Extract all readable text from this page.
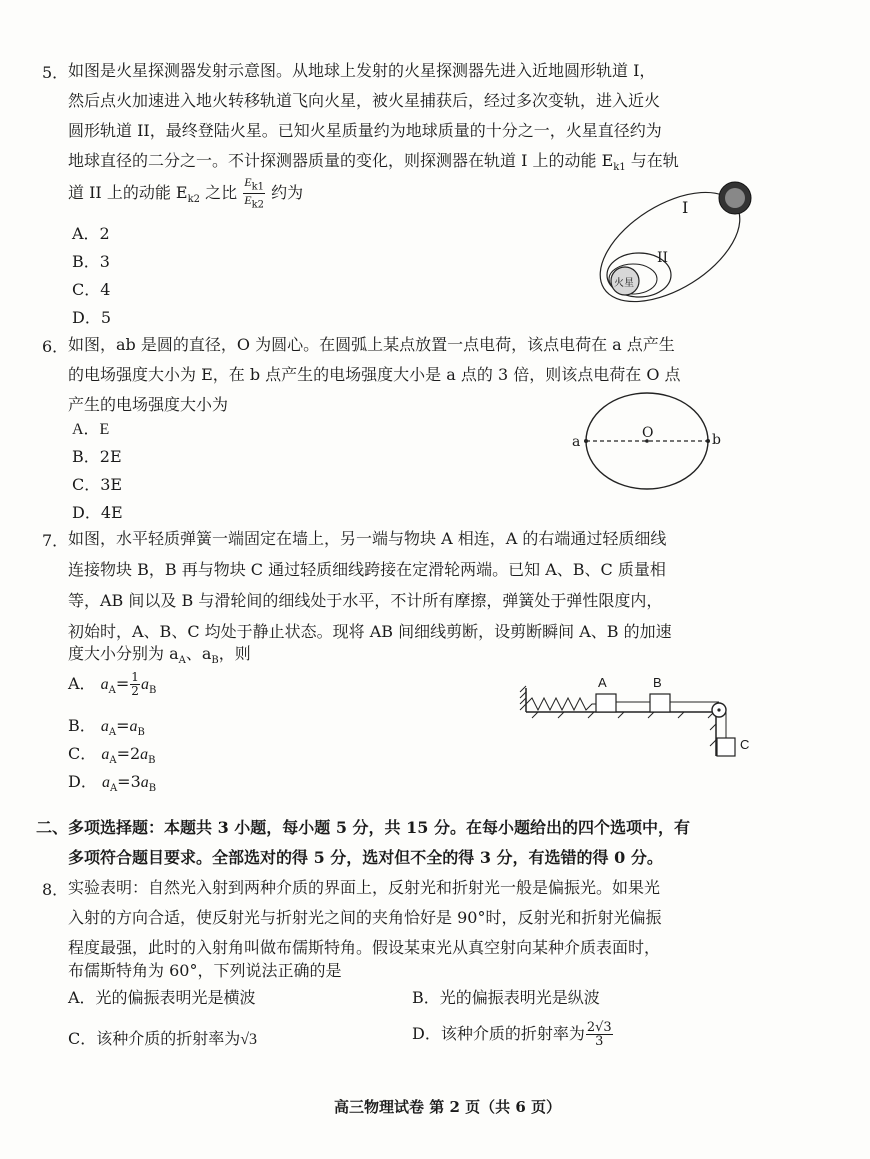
5． 如图是火星探测器发射示意图。从地球上发射的火星探测器先进入近地圆形轨道 I，
然后点火加速进入地火转移轨道飞向火星，被火星捕获后，经过多次变轨，进入近火
圆形轨道 II，最终登陆火星。已知火星质量约为地球质量的十分之一，火星直径约为
地球直径的二分之一。不计探测器质量的变化，则探测器在轨道 I 上的动能 $E_{k1}$ 与在轨
道 II 上的动能 $E_{k2}$ 之比 $\frac{E_{k1}}{E_{k2}}$ 约为
A．2
B．3
C．4
D．5
I
II
火星
6． 如图，ab 是圆的直径，O 为圆心。在圆弧上某点放置一点电荷，该点电荷在 a 点产生
的电场强度大小为 E，在 b 点产生的电场强度大小是 a 点的 3 倍，则该点电荷在 O 点
产生的电场强度大小为
A．E
B．2E
C．3E
D．4E
a	b
O
7． 如图，水平轻质弹簧一端固定在墙上，另一端与物块 A 相连，A 的右端通过轻质细线
连接物块 B，B 再与物块 C 通过轻质细线跨接在定滑轮两端。已知 A、B、C 质量相
等，AB 间以及 B 与滑轮间的细线处于水平，不计所有摩擦，弹簧处于弹性限度内，
初始时，A、B、C 均处于静止状态。现将 AB 间细线剪断，设剪断瞬间 A、B 的加速
度大小分别为 $a_A$、$a_B$，则
A． $a_A= \frac{1}{2} a_B$
B． $a_A=a_B$
C． $a_A=2a_B$
D． $a_A=3a_B$
A	B
C
二、多项选择题：本题共 3 小题，每小题 5 分，共 15 分。在每小题给出的四个选项中，有
多项符合题目要求。全部选对的得 5 分，选对但不全的得 3 分，有选错的得 0 分。
8． 实验表明：自然光入射到两种介质的界面上，反射光和折射光一般是偏振光。如果光
入射的方向合适，使反射光与折射光之间的夹角恰好是 90°时，反射光和折射光偏振
程度最强，此时的入射角叫做布儒斯特角。假设某束光从真空射向某种介质表面时，
布儒斯特角为 60°，下列说法正确的是
A．光的偏振表明光是横波	B．光的偏振表明光是纵波
C．该种介质的折射率为√3	D．该种介质的折射率为 $\frac{2√3}{3}$
高三物理试卷 第 2 页（共 6 页）
